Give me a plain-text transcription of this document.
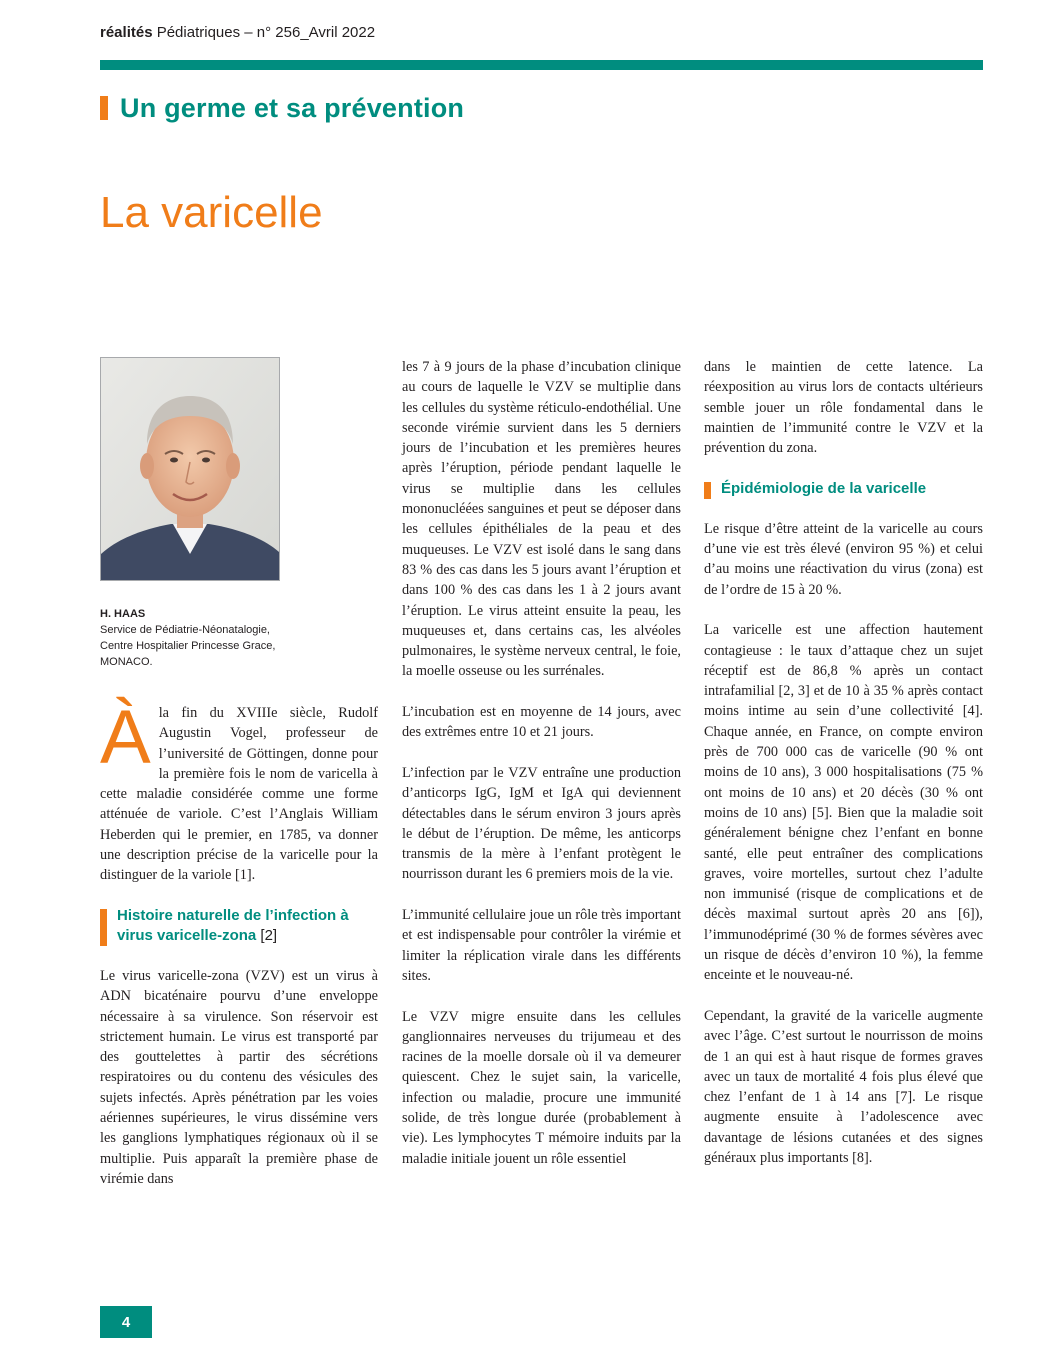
réalités Pédiatriques – n° 256_Avril 2022
Un germe et sa prévention
La varicelle
H. HAAS
Service de Pédiatrie-Néonatalogie,
Centre Hospitalier Princesse Grace,
MONACO.

Àla fin du XVIIIe siècle, Rudolf Augustin Vogel, professeur de l’université de Göttingen, donne pour la première fois le nom de varicella à cette maladie considérée comme une forme atténuée de variole. C’est l’Anglais William Heberden qui le premier, en 1785, va donner une description précise de la varicelle pour la distinguer de la variole [1].

Histoire naturelle de l’infection à virus varicelle-zona [2]

Le virus varicelle-zona (VZV) est un virus à ADN bicaténaire pourvu d’une enveloppe nécessaire à sa virulence. Son réservoir est strictement humain. Le virus est transporté par des gouttelettes à partir des sécrétions respiratoires ou du contenu des vésicules des sujets infectés. Après pénétration par les voies aériennes supérieures, le virus dissémine vers les ganglions lymphatiques régionaux où il se multiplie. Puis apparaît la première phase de virémie dans

les 7 à 9 jours de la phase d’incubation clinique au cours de laquelle le VZV se multiplie dans les cellules du système réticulo-endothélial. Une seconde virémie survient dans les 5 derniers jours de l’incubation et les premières heures après l’éruption, période pendant laquelle le virus se multiplie dans les cellules mononucléées sanguines et peut se déposer dans les cellules épithéliales de la peau et des muqueuses. Le VZV est isolé dans le sang dans 83 % des cas dans les 5 jours avant l’éruption et dans 100 % des cas dans les 1 à 2 jours avant l’éruption. Le virus atteint ensuite la peau, les muqueuses et, dans certains cas, les alvéoles pulmonaires, le système nerveux central, le foie, la moelle osseuse ou les surrénales.

L’incubation est en moyenne de 14 jours, avec des extrêmes entre 10 et 21 jours.

L’infection par le VZV entraîne une production d’anticorps IgG, IgM et IgA qui deviennent détectables dans le sérum environ 3 jours après le début de l’éruption. De même, les anticorps transmis de la mère à l’enfant protègent le nourrisson durant les 6 premiers mois de la vie.

L’immunité cellulaire joue un rôle très important et est indispensable pour contrôler la virémie et limiter la réplication virale dans les différents sites.

Le VZV migre ensuite dans les cellules ganglionnaires nerveuses du trijumeau et des racines de la moelle dorsale où il va demeurer quiescent. Chez le sujet sain, la varicelle, infection ou maladie, procure une immunité solide, de très longue durée (probablement à vie). Les lymphocytes T mémoire induits par la maladie initiale jouent un rôle essentiel

dans le maintien de cette latence. La réexposition au virus lors de contacts ultérieurs semble jouer un rôle fondamental dans le maintien de l’immunité contre le VZV et la prévention du zona.

Épidémiologie de la varicelle

Le risque d’être atteint de la varicelle au cours d’une vie est très élevé (environ 95 %) et celui d’au moins une réactivation du virus (zona) est de l’ordre de 15 à 20 %.

La varicelle est une affection hautement contagieuse : le taux d’attaque chez un sujet réceptif est de 86,8 % après un contact intrafamilial [2, 3] et de 10 à 35 % après contact moins intime au sein d’une collectivité [4]. Chaque année, en France, on compte environ près de 700 000 cas de varicelle (90 % ont moins de 10 ans), 3 000 hospitalisations (75 % ont moins de 10 ans) et 20 décès (30 % ont moins de 10 ans) [5]. Bien que la maladie soit généralement bénigne chez l’enfant en bonne santé, elle peut entraîner des complications graves, voire mortelles, surtout chez l’adulte non immunisé (risque de complications et de décès maximal surtout après 20 ans [6]), l’immunodéprimé (30 % de formes sévères avec un risque de décès d’environ 10 %), la femme enceinte et le nouveau-né.

Cependant, la gravité de la varicelle augmente avec l’âge. C’est surtout le nourrisson de moins de 1 an qui est à haut risque de formes graves avec un taux de mortalité 4 fois plus élevé que chez l’enfant de 1 à 14 ans [7]. Le risque augmente ensuite à l’adolescence avec davantage de lésions cutanées et des signes généraux plus importants [8].

4
